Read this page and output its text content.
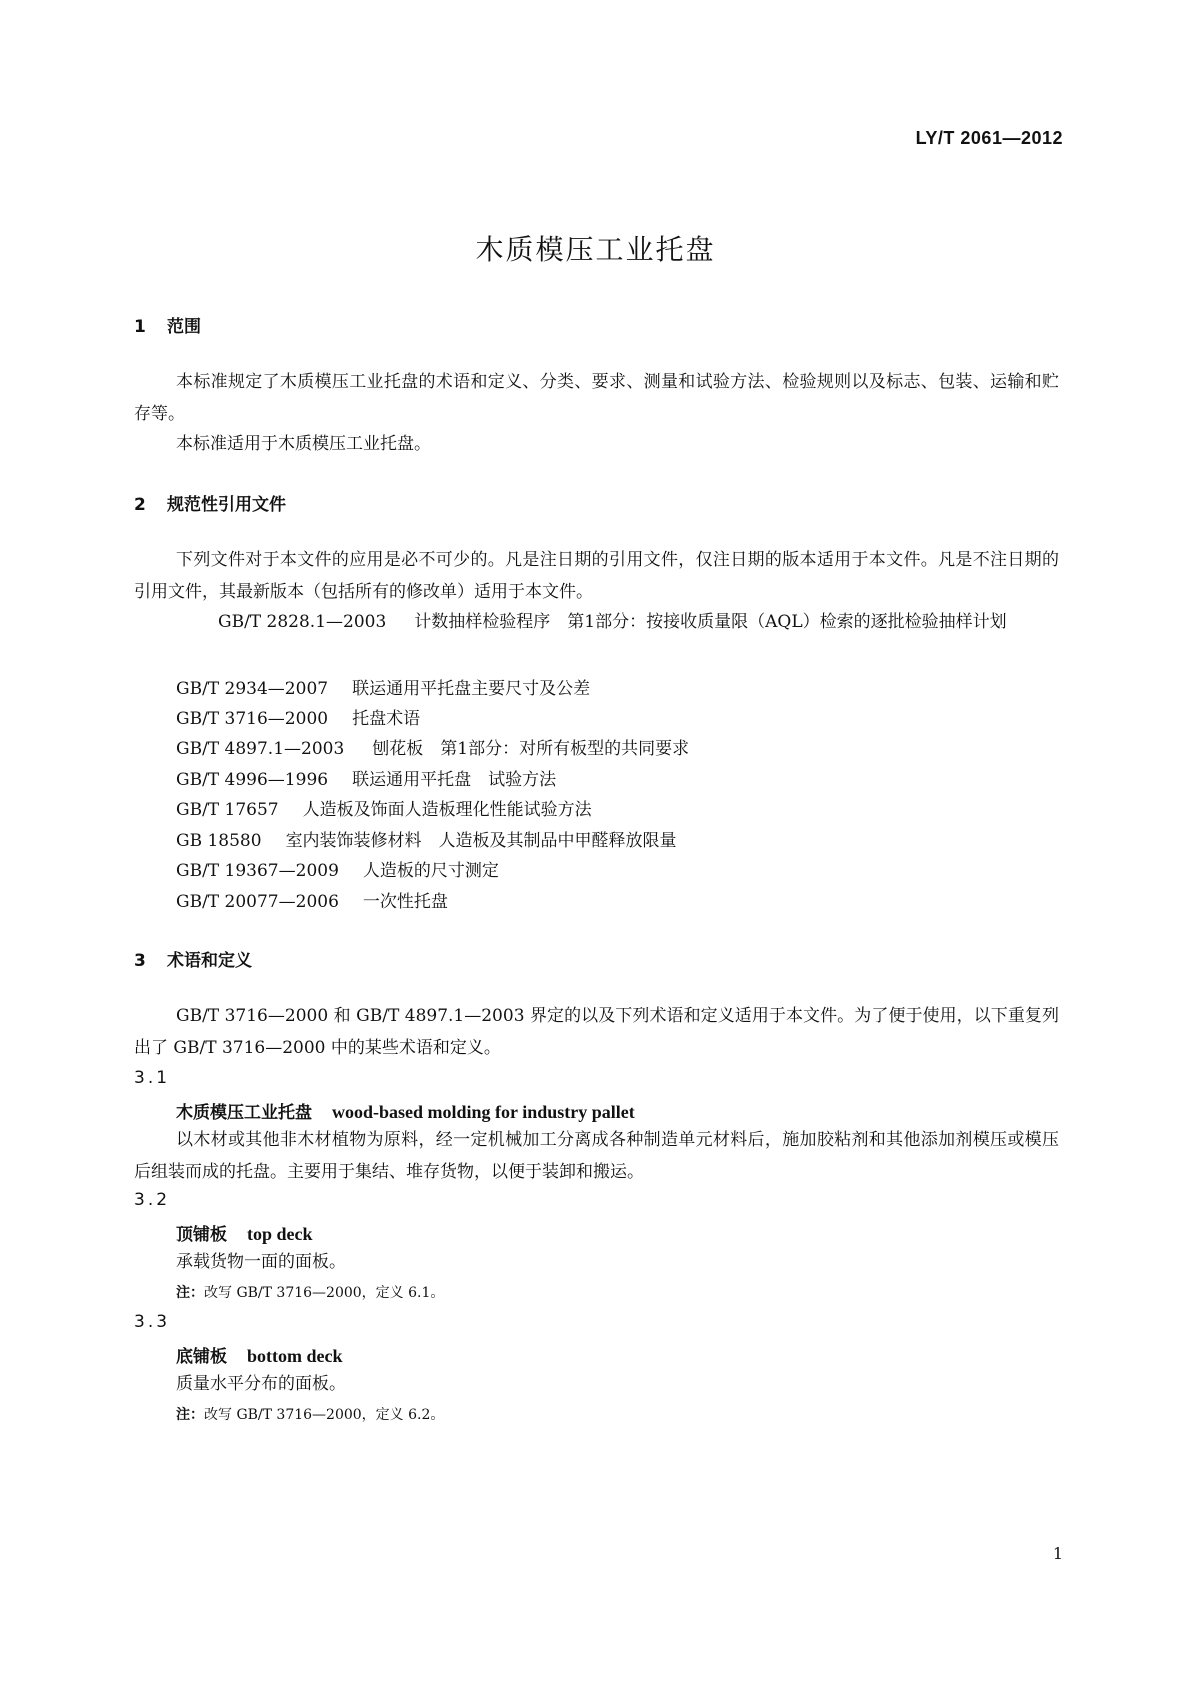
LY/T 2061—2012
木质模压工业托盘
1 范围
本标准规定了木质模压工业托盘的术语和定义、分类、要求、测量和试验方法、检验规则以及标志、包装、运输和贮存等。
本标准适用于木质模压工业托盘。
2 规范性引用文件
下列文件对于本文件的应用是必不可少的。凡是注日期的引用文件，仅注日期的版本适用于本文件。凡是不注日期的引用文件，其最新版本（包括所有的修改单）适用于本文件。
GB/T 2828.1—2003 计数抽样检验程序　第1部分：按接收质量限（AQL）检索的逐批检验抽样计划
GB/T 2934—2007 联运通用平托盘主要尺寸及公差
GB/T 3716—2000 托盘术语
GB/T 4897.1—2003 刨花板　第1部分：对所有板型的共同要求
GB/T 4996—1996 联运通用平托盘　试验方法
GB/T 17657 人造板及饰面人造板理化性能试验方法
GB 18580 室内装饰装修材料　人造板及其制品中甲醛释放限量
GB/T 19367—2009 人造板的尺寸测定
GB/T 20077—2006 一次性托盘
3 术语和定义
GB/T 3716—2000 和 GB/T 4897.1—2003 界定的以及下列术语和定义适用于本文件。为了便于使用，以下重复列出了 GB/T 3716—2000 中的某些术语和定义。
3.1
木质模压工业托盘 wood-based molding for industry pallet
以木材或其他非木材植物为原料，经一定机械加工分离成各种制造单元材料后，施加胶粘剂和其他添加剂模压或模压后组装而成的托盘。主要用于集结、堆存货物，以便于装卸和搬运。
3.2
顶铺板 top deck
承载货物一面的面板。
注：改写 GB/T 3716—2000，定义 6.1。
3.3
底铺板 bottom deck
质量水平分布的面板。
注：改写 GB/T 3716—2000，定义 6.2。
1
